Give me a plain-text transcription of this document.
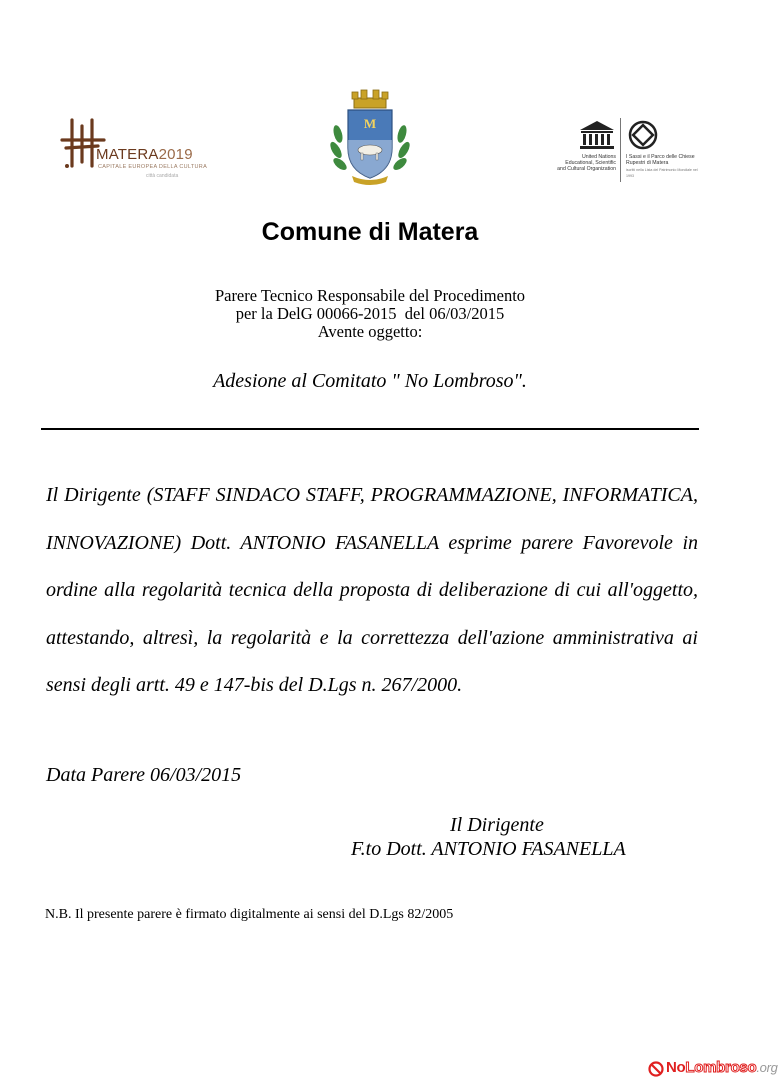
MATERA2019
CAPITALE EUROPEA DELLA CULTURA
città candidata
M
United Nations Educational, Scientific and Cultural Organization
I Sassi e il Parco delle Chiese Rupestri di Matera
iscritti nella Lista del Patrimonio Mondiale nel 1993
Comune di Matera
Parere Tecnico Responsabile del Procedimento
per la DelG 00066-2015  del 06/03/2015
Avente oggetto:
Adesione al Comitato " No Lombroso".
Il Dirigente (STAFF SINDACO STAFF, PROGRAMMAZIONE, INFORMATICA, INNOVAZIONE) Dott. ANTONIO FASANELLA esprime parere Favorevole in ordine alla regolarità tecnica della proposta di deliberazione di cui all'oggetto, attestando, altresì, la regolarità e la correttezza dell'azione amministrativa ai sensi degli artt. 49 e 147-bis del D.Lgs n. 267/2000.
Data Parere 06/03/2015
Il Dirigente
F.to Dott. ANTONIO FASANELLA
N.B. Il presente parere è firmato digitalmente ai sensi del D.Lgs 82/2005
NoLombroso.org
